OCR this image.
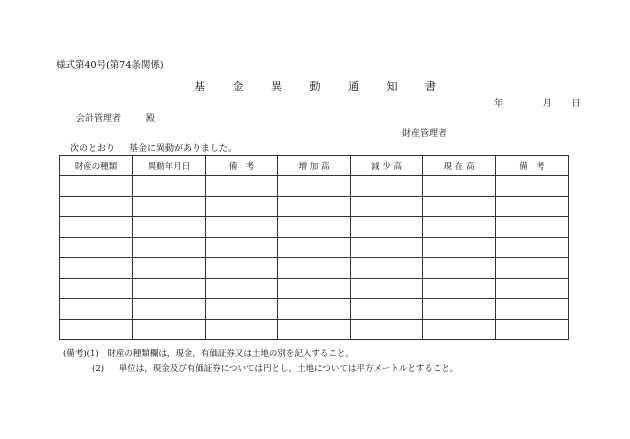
様式第40号(第74条関係)
基	金	異	動	通	知	書
年	月 日
会計管理者	殿
財産管理者
次のとおり 基金に異動がありました。
財産の種類	異動年月日	備　考	増 加 高	減 少 高	現 在 高	備　考

(備考)(1) 財産の種類欄は，現金，有価証券又は土地の別を記入すること。
(2) 単位は，現金及び有価証券については円とし，土地については平方メートルとすること。
